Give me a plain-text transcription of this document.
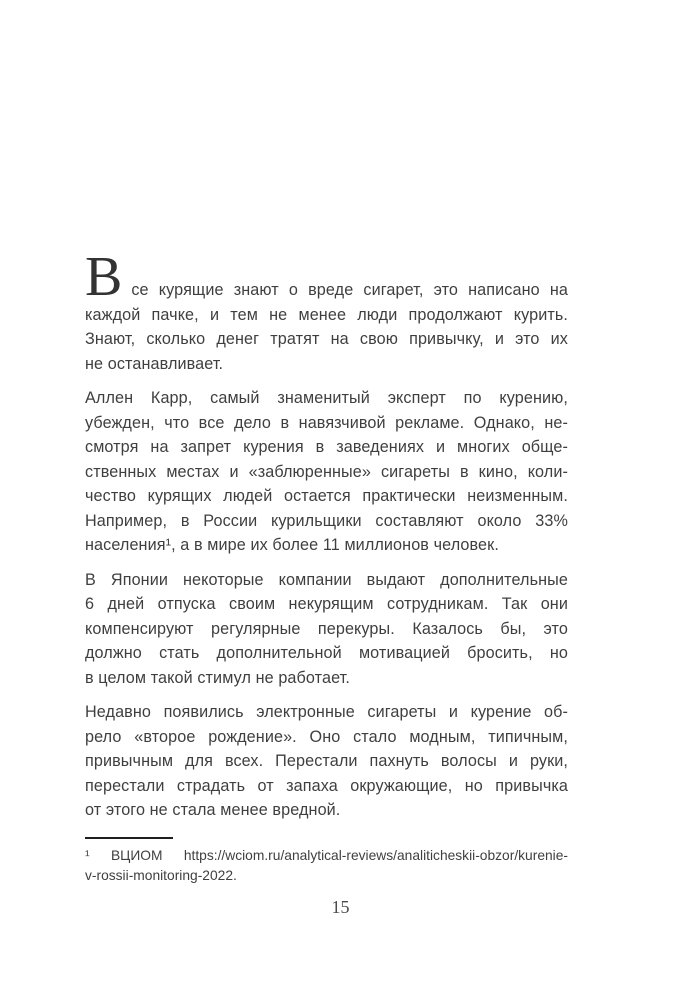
Все курящие знают о вреде сигарет, это написано на
каждой пачке, и тем не менее люди продолжают курить.
Знают, сколько денег тратят на свою привычку, и это их
не останавливает.

Аллен Карр, самый знаменитый эксперт по курению,
убежден, что все дело в навязчивой рекламе. Однако, не-
смотря на запрет курения в заведениях и многих обще-
ственных местах и «заблюренные» сигареты в кино, коли-
чество курящих людей остается практически неизменным.
Например, в России курильщики составляют около 33%
населения¹, а в мире их более 11 миллионов человек.

В Японии некоторые компании выдают дополнительные
6 дней отпуска своим некурящим сотрудникам. Так они
компенсируют регулярные перекуры. Казалось бы, это
должно стать дополнительной мотивацией бросить, но
в целом такой стимул не работает.

Недавно появились электронные сигареты и курение об-
рело «второе рождение». Оно стало модным, типичным,
привычным для всех. Перестали пахнуть волосы и руки,
перестали страдать от запаха окружающие, но привычка
от этого не стала менее вредной.

¹ ВЦИОМ https://wciom.ru/analytical-reviews/analiticheskii-obzor/kurenie-
v-rossii-monitoring-2022.
15
